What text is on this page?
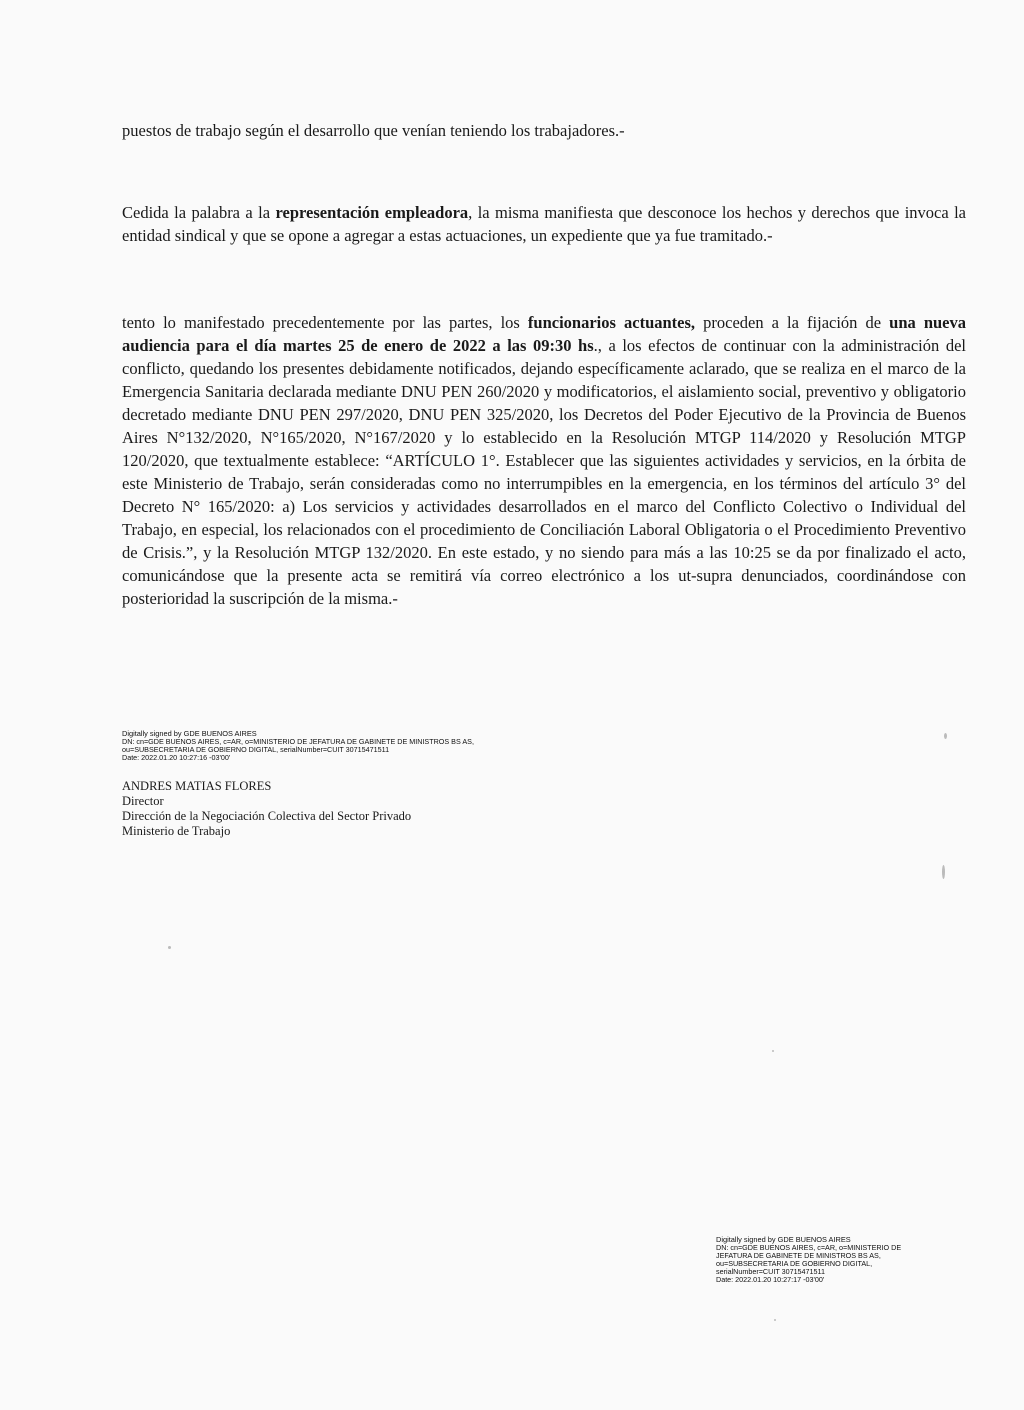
puestos de trabajo según el desarrollo que venían teniendo los trabajadores.-

Cedida la palabra a la representación empleadora, la misma manifiesta que desconoce los hechos y derechos que invoca la entidad sindical y que se opone a agregar a estas actuaciones, un expediente que ya fue tramitado.-

tento lo manifestado precedentemente por las partes, los funcionarios actuantes, proceden a la fijación de una nueva audiencia para el día martes 25 de enero de 2022 a las 09:30 hs., a los efectos de continuar con la administración del conflicto, quedando los presentes debidamente notificados, dejando específicamente aclarado, que se realiza en el marco de la Emergencia Sanitaria declarada mediante DNU PEN 260/2020 y modificatorios, el aislamiento social, preventivo y obligatorio decretado mediante DNU PEN 297/2020, DNU PEN 325/2020, los Decretos del Poder Ejecutivo de la Provincia de Buenos Aires N°132/2020, N°165/2020, N°167/2020 y lo establecido en la Resolución MTGP 114/2020 y Resolución MTGP 120/2020, que textualmente establece: “ARTÍCULO 1°. Establecer que las siguientes actividades y servicios, en la órbita de este Ministerio de Trabajo, serán consideradas como no interrumpibles en la emergencia, en los términos del artículo 3° del Decreto N° 165/2020: a) Los servicios y actividades desarrollados en el marco del Conflicto Colectivo o Individual del Trabajo, en especial, los relacionados con el procedimiento de Conciliación Laboral Obligatoria o el Procedimiento Preventivo de Crisis.”, y la Resolución MTGP 132/2020. En este estado, y no siendo para más a las 10:25 se da por finalizado el acto, comunicándose que la presente acta se remitirá vía correo electrónico a los ut-supra denunciados, coordinándose con posterioridad la suscripción de la misma.-

Digitally signed by GDE BUENOS AIRES
DN: cn=GDE BUENOS AIRES, c=AR, o=MINISTERIO DE JEFATURA DE GABINETE DE MINISTROS BS AS,
ou=SUBSECRETARIA DE GOBIERNO DIGITAL, serialNumber=CUIT 30715471511
Date: 2022.01.20 10:27:16 -03'00'
ANDRES MATIAS FLORES
Director
Dirección de la Negociación Colectiva del Sector Privado
Ministerio de Trabajo
Digitally signed by GDE BUENOS AIRES
DN: cn=GDE BUENOS AIRES, c=AR, o=MINISTERIO DE
JEFATURA DE GABINETE DE MINISTROS BS AS,
ou=SUBSECRETARIA DE GOBIERNO DIGITAL,
serialNumber=CUIT 30715471511
Date: 2022.01.20 10:27:17 -03'00'
